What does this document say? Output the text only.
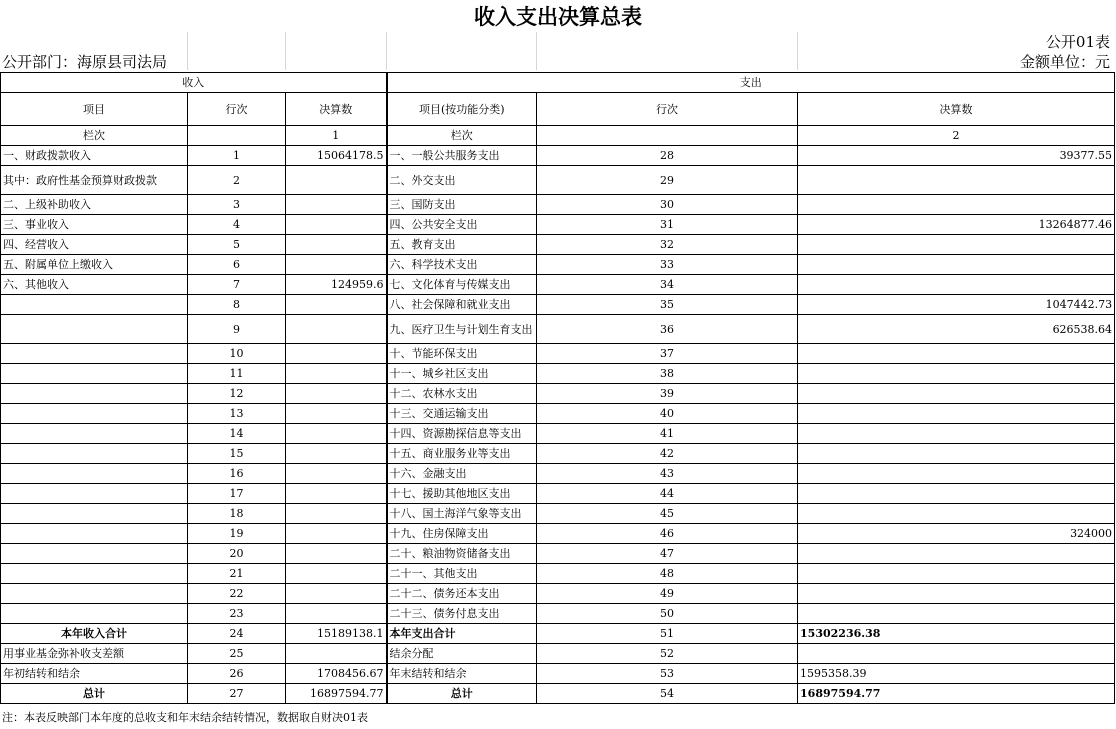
收入支出决算总表
公开01表
公开部门：海原县司法局	金额单位：元
收入			支出		
项目	行次	决算数	项目(按功能分类)	行次	决算数
栏次		1	栏次		2
一、财政拨款收入	1	15064178.5	一、一般公共服务支出	28	39377.55
其中：政府性基金预算财政拨款	2		二、外交支出	29	
二、上级补助收入	3		三、国防支出	30	
三、事业收入	4		四、公共安全支出	31	13264877.46
四、经营收入	5		五、教育支出	32	
五、附属单位上缴收入	6		六、科学技术支出	33	
六、其他收入	7	124959.6	七、文化体育与传媒支出	34	
	8		八、社会保障和就业支出	35	1047442.73
	9		九、医疗卫生与计划生育支出	36	626538.64
	10		十、节能环保支出	37	
	11		十一、城乡社区支出	38	
	12		十二、农林水支出	39	
	13		十三、交通运输支出	40	
	14		十四、资源勘探信息等支出	41	
	15		十五、商业服务业等支出	42	
	16		十六、金融支出	43	
	17		十七、援助其他地区支出	44	
	18		十八、国土海洋气象等支出	45	
	19		十九、住房保障支出	46	324000
	20		二十、粮油物资储备支出	47	
	21		二十一、其他支出	48	
	22		二十二、债务还本支出	49	
	23		二十三、债务付息支出	50	
本年收入合计	24	15189138.1	本年支出合计	51	15302236.38
用事业基金弥补收支差额	25		结余分配	52	
年初结转和结余	26	1708456.67	年末结转和结余	53	1595358.39
总计	27	16897594.77	总计	54	16897594.77
注：本表反映部门本年度的总收支和年末结余结转情况，数据取自财决01表
